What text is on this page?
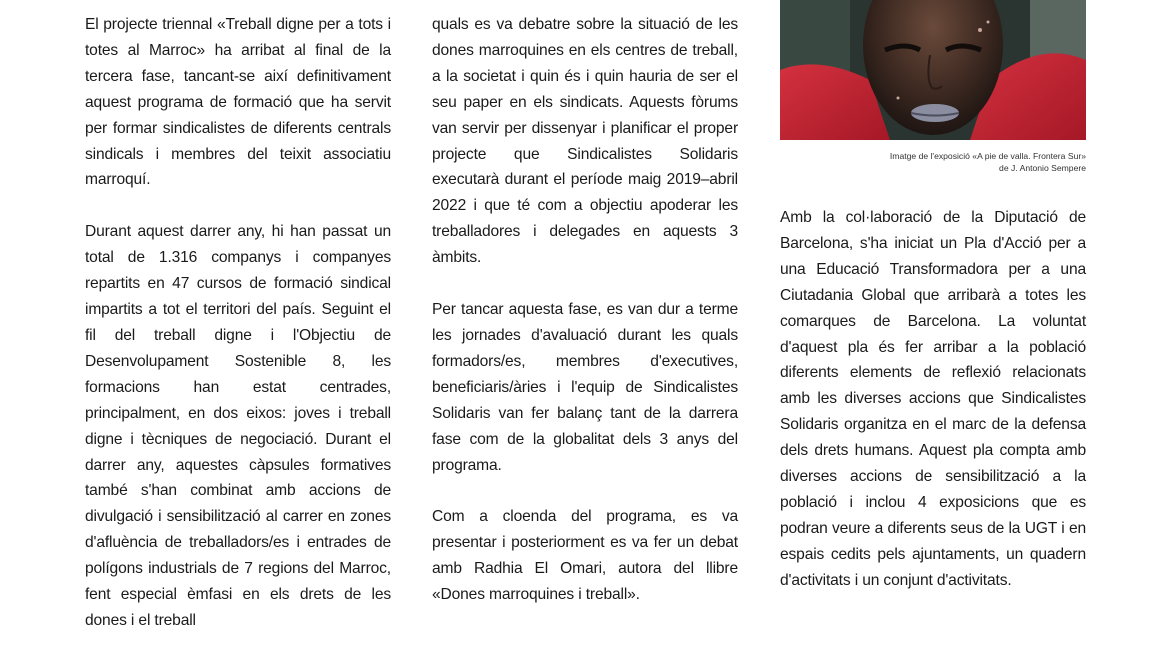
El projecte triennal «Treball digne per a tots i totes al Marroc» ha arribat al final de la tercera fase, tancant-se així definitivament aquest programa de formació que ha servit per formar sindicalistes de diferents centrals sindicals i membres del teixit associatiu marroquí.

Durant aquest darrer any, hi han passat un total de 1.316 companys i companyes repartits en 47 cursos de formació sindical impartits a tot el territori del país. Seguint el fil del treball digne i l'Objectiu de Desenvolupament Sostenible 8, les formacions han estat centrades, principalment, en dos eixos: joves i treball digne i tècniques de negociació. Durant el darrer any, aquestes càpsules formatives també s'han combinat amb accions de divulgació i sensibilització al carrer en zones d'afluència de treballadors/es i entrades de polígons industrials de 7 regions del Marroc, fent especial èmfasi en els drets de les dones i el treball

quals es va debatre sobre la situació de les dones marroquines en els centres de treball, a la societat i quin és i quin hauria de ser el seu paper en els sindicats. Aquests fòrums van servir per dissenyar i planificar el proper projecte que Sindicalistes Solidaris executarà durant el període maig 2019–abril 2022 i que té com a objectiu apoderar les treballadores i delegades en aquests 3 àmbits.

Per tancar aquesta fase, es van dur a terme les jornades d'avaluació durant les quals formadors/es, membres d'executives, beneficiaris/àries i l'equip de Sindicalistes Solidaris van fer balanç tant de la darrera fase com de la globalitat dels 3 anys del programa.

Com a cloenda del programa, es va presentar i posteriorment es va fer un debat amb Radhia El Omari, autora del llibre «Dones marroquines i treball».

Imatge de l'exposició «A pie de valla. Frontera Sur»
de J. Antonio Sempere

Amb la col·laboració de la Diputació de Barcelona, s'ha iniciat un Pla d'Acció per a una Educació Transformadora per a una Ciutadania Global que arribarà a totes les comarques de Barcelona. La voluntat d'aquest pla és fer arribar a la població diferents elements de reflexió relacionats amb les diverses accions que Sindicalistes Solidaris organitza en el marc de la defensa dels drets humans. Aquest pla compta amb diverses accions de sensibilització a la població i inclou 4 exposicions que es podran veure a diferents seus de la UGT i en espais cedits pels ajuntaments, un quadern d'activitats i un conjunt d'activitats.
